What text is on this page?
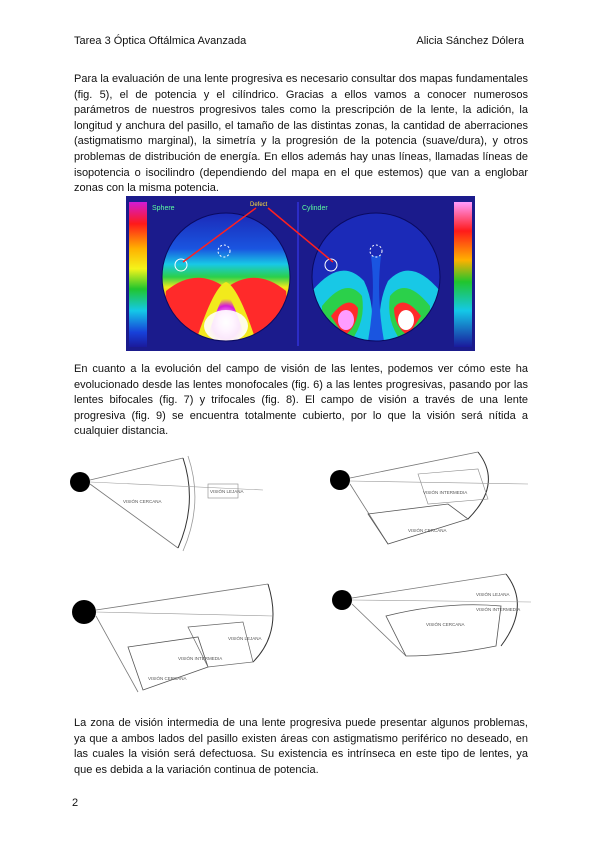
Tarea 3 Óptica Oftálmica Avanzada	Alicia Sánchez Dólera

Para la evaluación de una lente progresiva es necesario consultar dos mapas fundamentales (fig. 5), el de potencia y el cilíndrico. Gracias a ellos vamos a conocer numerosos parámetros de nuestros progresivos tales como la prescripción de la lente, la adición, la longitud y anchura del pasillo, el tamaño de las distintas zonas, la cantidad de aberraciones (astigmatismo marginal), la simetría y la progresión de la potencia (suave/dura), y otros problemas de distribución de energía. En ellos además hay unas líneas, llamadas líneas de isopotencia o isocilindro (dependiendo del mapa en el que estemos) que van a englobar zonas con la misma potencia.

Sphere	Cylinder
Defect

En cuanto a la evolución del campo de visión de las lentes, podemos ver cómo este ha evolucionado desde las lentes monofocales (fig. 6) a las lentes progresivas, pasando por las lentes bifocales (fig. 7) y trifocales (fig. 8). El campo de visión a través de una lente progresiva (fig. 9) se encuentra totalmente cubierto, por lo que la visión será nítida a cualquier distancia.

VISIÓN CERCANA
VISIÓN LEJANA	VISIÓN INTERMEDIA
VISIÓN CERCANA
VISIÓN LEJANA
VISIÓN CERCANA
VISIÓN INTERMEDIA
VISIÓN LEJANA
VISIÓN CERCANA
VISIÓN INTERMEDIA

La zona de visión intermedia de una lente progresiva puede presentar algunos problemas, ya que a ambos lados del pasillo existen áreas con astigmatismo periférico no deseado, en las cuales la visión será defectuosa. Su existencia es intrínseca en este tipo de lentes, ya que es debida a la variación continua de potencia.

2
